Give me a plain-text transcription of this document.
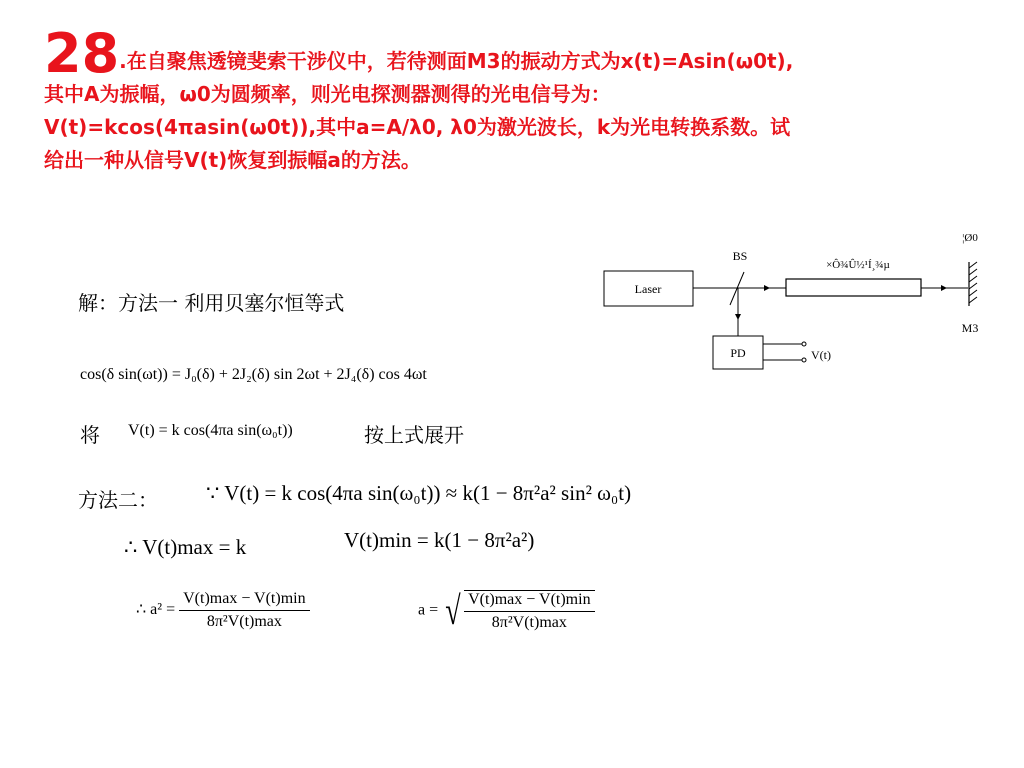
28.在自聚焦透镜斐索干涉仪中，若待测面M3的振动方式为x(t)=Asin(ω0t),
其中A为振幅，ω0为圆频率，则光电探测器测得的光电信号为：
V(t)=kcos(4πasin(ω0t)),其中a=A/λ0, λ0为激光波长，k为光电转换系数。试
给出一种从信号V(t)恢复到振幅a的方法。
Laser
BS
×Ô¾Û½¹Í¸¾µ
¦Ø0
M3
PD	V(t)
解：方法一 利用贝塞尔恒等式
cos(δ sin(ωt)) = J₀(δ) + 2J₂(δ) sin 2ωt + 2J₄(δ) cos 4ωt
将 V(t) = k cos(4πa sin(ω₀t))	按上式展开
方法二： ∵ V(t) = k cos(4πa sin(ω₀t)) ≈ k(1 − 8π²a² sin² ω₀t)
∴ V(t)max = k	V(t)min = k(1 − 8π²a²)
∴ $a^2 = \frac{V(t)\max - V(t)\min}{\text{8π²V(t)max}}$	a = √ $\frac{V(t)\max - V(t)\min}{\text{8π²V(t)max}}$
